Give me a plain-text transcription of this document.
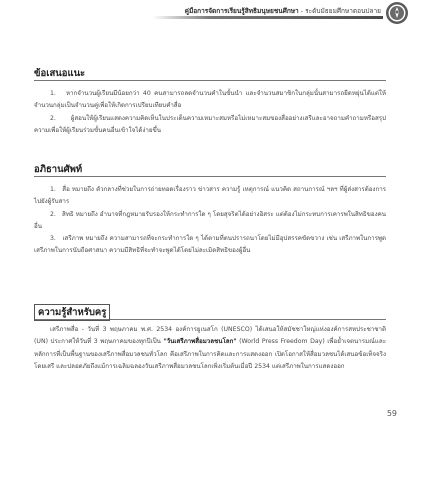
คู่มือการจัดการเรียนรู้สิทธิมนุษยชนศึกษา - ระดับมัธยมศึกษาตอนปลาย
ข้อเสนอแนะ

1. หากจำนวนผู้เรียนมีน้อยกว่า 40 คนสามารถลดจำนวนคำในขั้นนำ และจำนวนสมาชิกในกลุ่มนั้นสามารถยืดหยุ่นได้แต่ให้จำนวนกลุ่มเป็นจำนวนคู่เพื่อให้เกิดการเปรียบเทียบคำสื่อ

2. ผู้สอนให้ผู้เรียนแสดงความคิดเห็นในประเด็นความเหมาะสมหรือไม่เหมาะสมของสื่ออย่างเสรีและอาจถามคำถามหรือสรุปความเพื่อให้ผู้เรียนร่วมขั้นคนอื่นเข้าใจได้ง่ายขึ้น

อภิธานศัพท์

1. สื่อ หมายถึง ตัวกลางที่ช่วยในการถ่ายทอดเรื่องราว ข่าวสาร ความรู้ เหตุการณ์ แนวคิด สถานการณ์ ฯลฯ ที่ผู้ส่งสารต้องการไปยังผู้รับสาร

2. สิทธิ หมายถึง อำนาจที่กฎหมายรับรองให้กระทำการใด ๆ โดยสุจริตได้อย่างอิสระ แต่ต้องไม่กระทบการเคารพในสิทธิของคนอื่น

3. เสรีภาพ หมายถึง ความสามารถที่จะกระทำการใด ๆ ได้ตามที่ตนปรารถนาโดยไม่มีอุปสรรคขัดขวาง เช่น เสรีภาพในการพูด เสรีภาพในการนับถือศาสนา ความมีสิทธิที่จะทำจะพูดได้โดยไม่ละเมิดสิทธิของผู้อื่น

ความรู้สำหรับครู

เสรีภาพสื่อ - วันที่ 3 พฤษภาคม พ.ศ. 2534 องค์การยูเนสโก (UNESCO) ได้เสนอให้สมัชชาใหญ่แห่งองค์การสหประชาชาติ (UN) ประกาศให้วันที่ 3 พฤษภาคมของทุกปีเป็น "วันเสรีภาพสื่อมวลชนโลก" (World Press Freedom Day) เพื่อย้ำเจตนารมณ์และหลักการที่เป็นพื้นฐานของเสรีภาพสื่อมวลชนทั่วโลก คือเสรีภาพในการคิดและการแสดงออก เปิดโอกาสให้สื่อมวลชนได้เสนอข้อเท็จจริงโดยเสรี และปลอดภัยถึงแม้การเฉลิมฉลองวันเสรีภาพสื่อมวลชนโลกเพิ่งเริ่มต้นเมื่อปี 2534 แต่เสรีภาพในการแสดงออก

59
